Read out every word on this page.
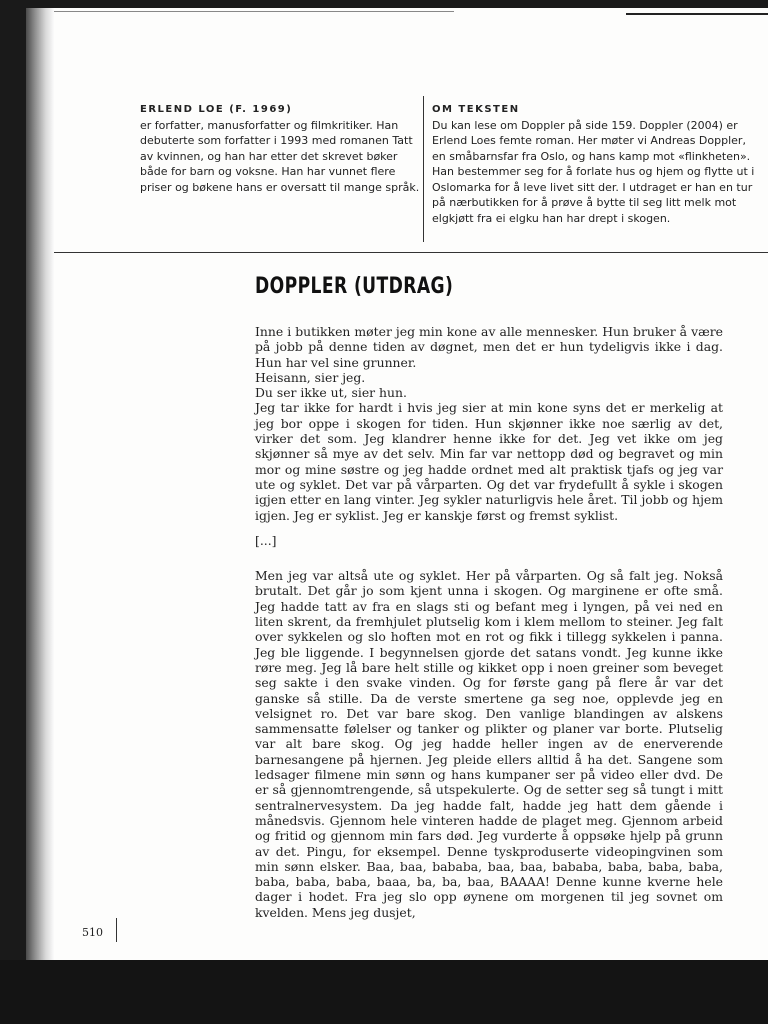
ERLEND LOE (F. 1969)
er forfatter, manusforfatter og filmkritiker. Han debuterte som forfatter i 1993 med romanen Tatt av kvinnen, og han har etter det skrevet bøker både for barn og voksne. Han har vunnet flere priser og bøkene hans er oversatt til mange språk.
OM TEKSTEN
Du kan lese om Doppler på side 159. Doppler (2004) er Erlend Loes femte roman. Her møter vi Andreas Doppler, en småbarnsfar fra Oslo, og hans kamp mot «flinkheten». Han bestemmer seg for å forlate hus og hjem og flytte ut i Oslomarka for å leve livet sitt der. I utdraget er han en tur på nærbutikken for å prøve å bytte til seg litt melk mot elgkjøtt fra ei elgku han har drept i skogen.
DOPPLER (UTDRAG)

Inne i butikken møter jeg min kone av alle mennesker. Hun bruker å være på jobb på denne tiden av døgnet, men det er hun tydeligvis ikke i dag. Hun har vel sine grunner.

Heisann, sier jeg.

Du ser ikke ut, sier hun.

Jeg tar ikke for hardt i hvis jeg sier at min kone syns det er merkelig at jeg bor oppe i skogen for tiden. Hun skjønner ikke noe særlig av det, virker det som. Jeg klandrer henne ikke for det. Jeg vet ikke om jeg skjønner så mye av det selv. Min far var nettopp død og begravet og min mor og mine søstre og jeg hadde ordnet med alt praktisk tjafs og jeg var ute og syklet. Det var på vårparten. Og det var frydefullt å sykle i skogen igjen etter en lang vinter. Jeg sykler naturligvis hele året. Til jobb og hjem igjen. Jeg er syklist. Jeg er kanskje først og fremst syklist.

[...]

Men jeg var altså ute og syklet. Her på vårparten. Og så falt jeg. Nokså brutalt. Det går jo som kjent unna i skogen. Og marginene er ofte små. Jeg hadde tatt av fra en slags sti og befant meg i lyngen, på vei ned en liten skrent, da fremhjulet plutselig kom i klem mellom to steiner. Jeg falt over sykkelen og slo hoften mot en rot og fikk i tillegg sykkelen i panna. Jeg ble liggende. I begynnelsen gjorde det satans vondt. Jeg kunne ikke røre meg. Jeg lå bare helt stille og kikket opp i noen greiner som beveget seg sakte i den svake vinden. Og for første gang på flere år var det ganske så stille. Da de verste smertene ga seg noe, opplevde jeg en velsignet ro. Det var bare skog. Den vanlige blandingen av alskens sammensatte følelser og tanker og plikter og planer var borte. Plutselig var alt bare skog. Og jeg hadde heller ingen av de enerverende barnesangene på hjernen. Jeg pleide ellers alltid å ha det. Sangene som ledsager filmene min sønn og hans kumpaner ser på video eller dvd. De er så gjennomtrengende, så utspekulerte. Og de setter seg så tungt i mitt sentralnervesystem. Da jeg hadde falt, hadde jeg hatt dem gående i månedsvis. Gjennom hele vinteren hadde de plaget meg. Gjennom arbeid og fritid og gjennom min fars død. Jeg vurderte å oppsøke hjelp på grunn av det. Pingu, for eksempel. Denne tyskproduserte videopingvinen som min sønn elsker. Baa, baa, bababa, baa, baa, bababa, baba, baba, baba, baba, baba, baba, baaa, ba, ba, baa, BAAAA! Denne kunne kverne hele dager i hodet. Fra jeg slo opp øynene om morgenen til jeg sovnet om kvelden. Mens jeg dusjet,

510
